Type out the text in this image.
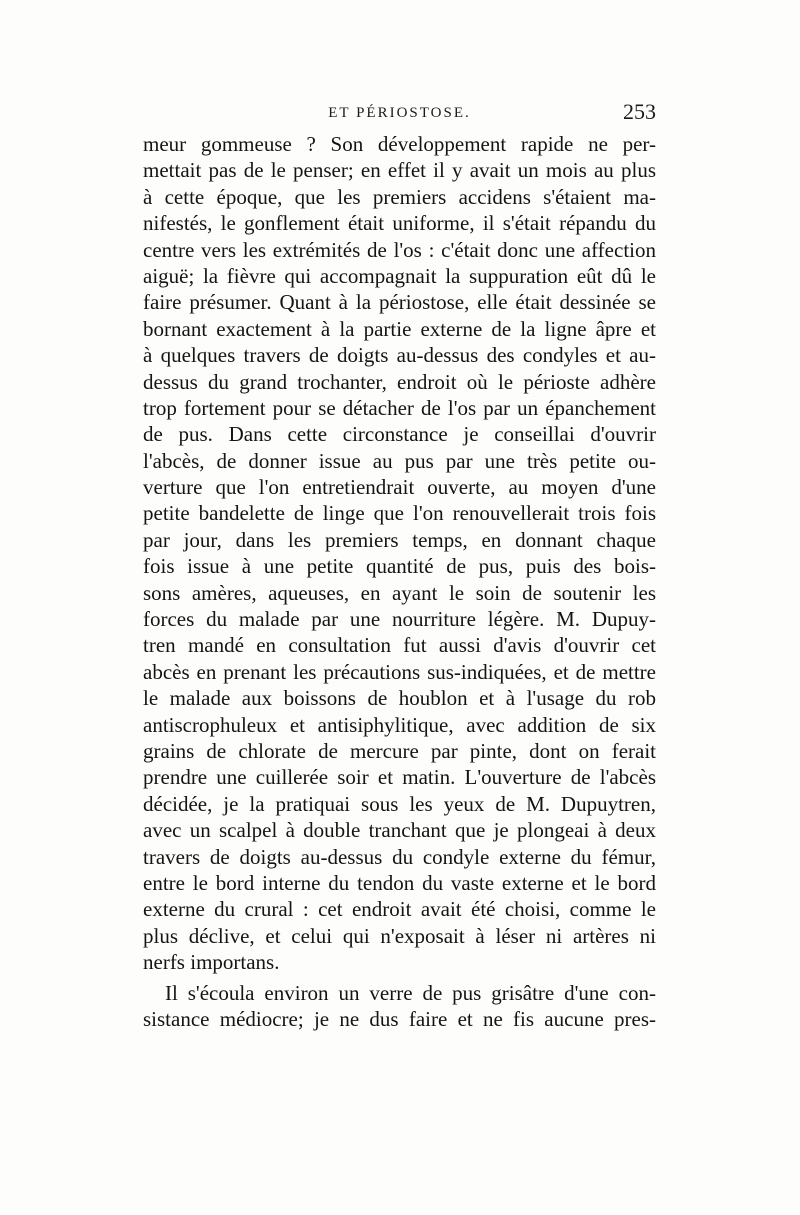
ET PÉRIOSTOSE.	253
meur gommeuse ? Son développement rapide ne per-
mettait pas de le penser; en effet il y avait un mois au plus
à cette époque, que les premiers accidens s'étaient ma-
nifestés, le gonflement était uniforme, il s'était répandu du
centre vers les extrémités de l'os : c'était donc une affection
aiguë; la fièvre qui accompagnait la suppuration eût dû le
faire présumer. Quant à la périostose, elle était dessinée se
bornant exactement à la partie externe de la ligne âpre et
à quelques travers de doigts au-dessus des condyles et au-
dessus du grand trochanter, endroit où le périoste adhère
trop fortement pour se détacher de l'os par un épanchement
de pus. Dans cette circonstance je conseillai d'ouvrir
l'abcès, de donner issue au pus par une très petite ou-
verture que l'on entretiendrait ouverte, au moyen d'une
petite bandelette de linge que l'on renouvellerait trois fois
par jour, dans les premiers temps, en donnant chaque
fois issue à une petite quantité de pus, puis des bois-
sons amères, aqueuses, en ayant le soin de soutenir les
forces du malade par une nourriture légère. M. Dupuy-
tren mandé en consultation fut aussi d'avis d'ouvrir cet
abcès en prenant les précautions sus-indiquées, et de mettre
le malade aux boissons de houblon et à l'usage du rob
antiscrophuleux et antisiphylitique, avec addition de six
grains de chlorate de mercure par pinte, dont on ferait
prendre une cuillerée soir et matin. L'ouverture de l'abcès
décidée, je la pratiquai sous les yeux de M. Dupuytren,
avec un scalpel à double tranchant que je plongeai à deux
travers de doigts au-dessus du condyle externe du fémur,
entre le bord interne du tendon du vaste externe et le bord
externe du crural : cet endroit avait été choisi, comme le
plus déclive, et celui qui n'exposait à léser ni artères ni
nerfs importans.
Il s'écoula environ un verre de pus grisâtre d'une con-
sistance médiocre; je ne dus faire et ne fis aucune pres-
